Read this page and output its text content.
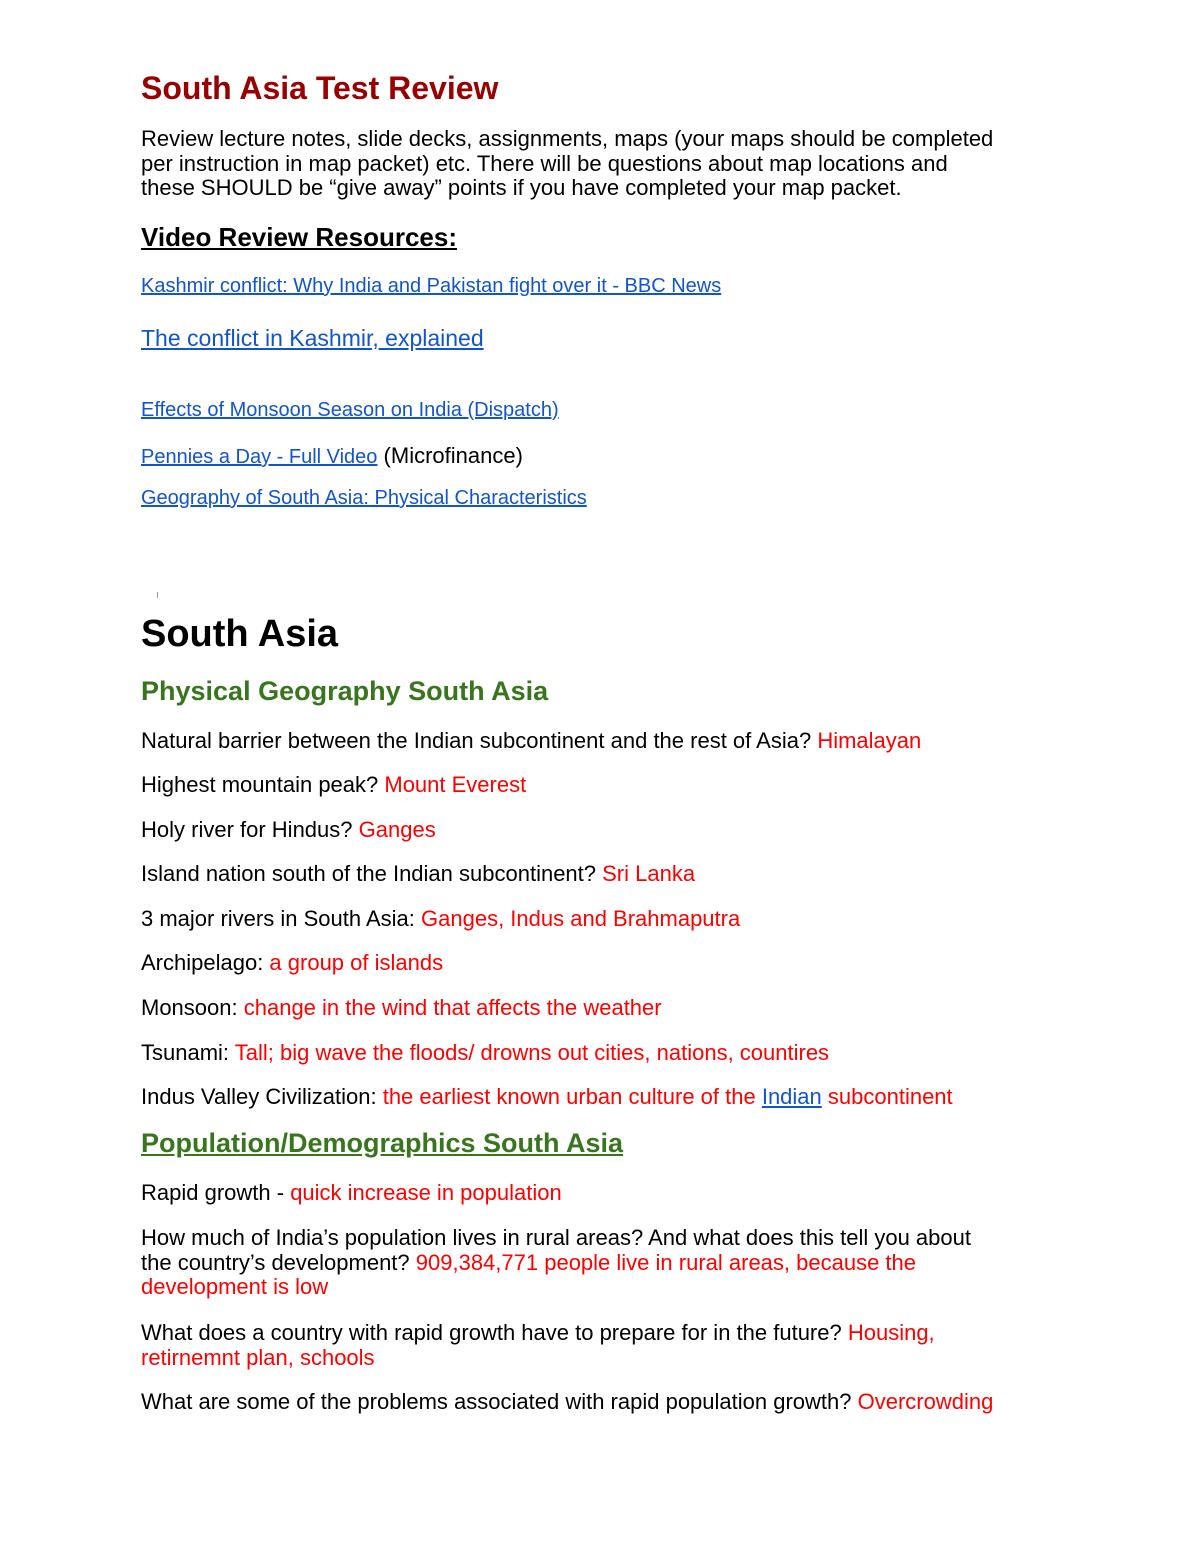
South Asia Test Review
Review lecture notes, slide decks, assignments, maps (your maps should be completed
per instruction in map packet) etc. There will be questions about map locations and
these SHOULD be “give away” points if you have completed your map packet.
Video Review Resources:
Kashmir conflict: Why India and Pakistan fight over it - BBC News
The conflict in Kashmir, explained
Effects of Monsoon Season on India (Dispatch)
Pennies a Day - Full Video (Microfinance)
Geography of South Asia: Physical Characteristics
South Asia
Physical Geography South Asia
Natural barrier between the Indian subcontinent and the rest of Asia? Himalayan
Highest mountain peak? Mount Everest
Holy river for Hindus? Ganges
Island nation south of the Indian subcontinent? Sri Lanka
3 major rivers in South Asia: Ganges, Indus and Brahmaputra
Archipelago: a group of islands
Monsoon: change in the wind that affects the weather
Tsunami: Tall; big wave the floods/ drowns out cities, nations, countires
Indus Valley Civilization: the earliest known urban culture of the Indian subcontinent
Population/Demographics South Asia
Rapid growth - quick increase in population
How much of India’s population lives in rural areas? And what does this tell you about
the country’s development? 909,384,771 people live in rural areas, because the
development is low
What does a country with rapid growth have to prepare for in the future? Housing,
retirnemnt plan, schools
What are some of the problems associated with rapid population growth? Overcrowding
